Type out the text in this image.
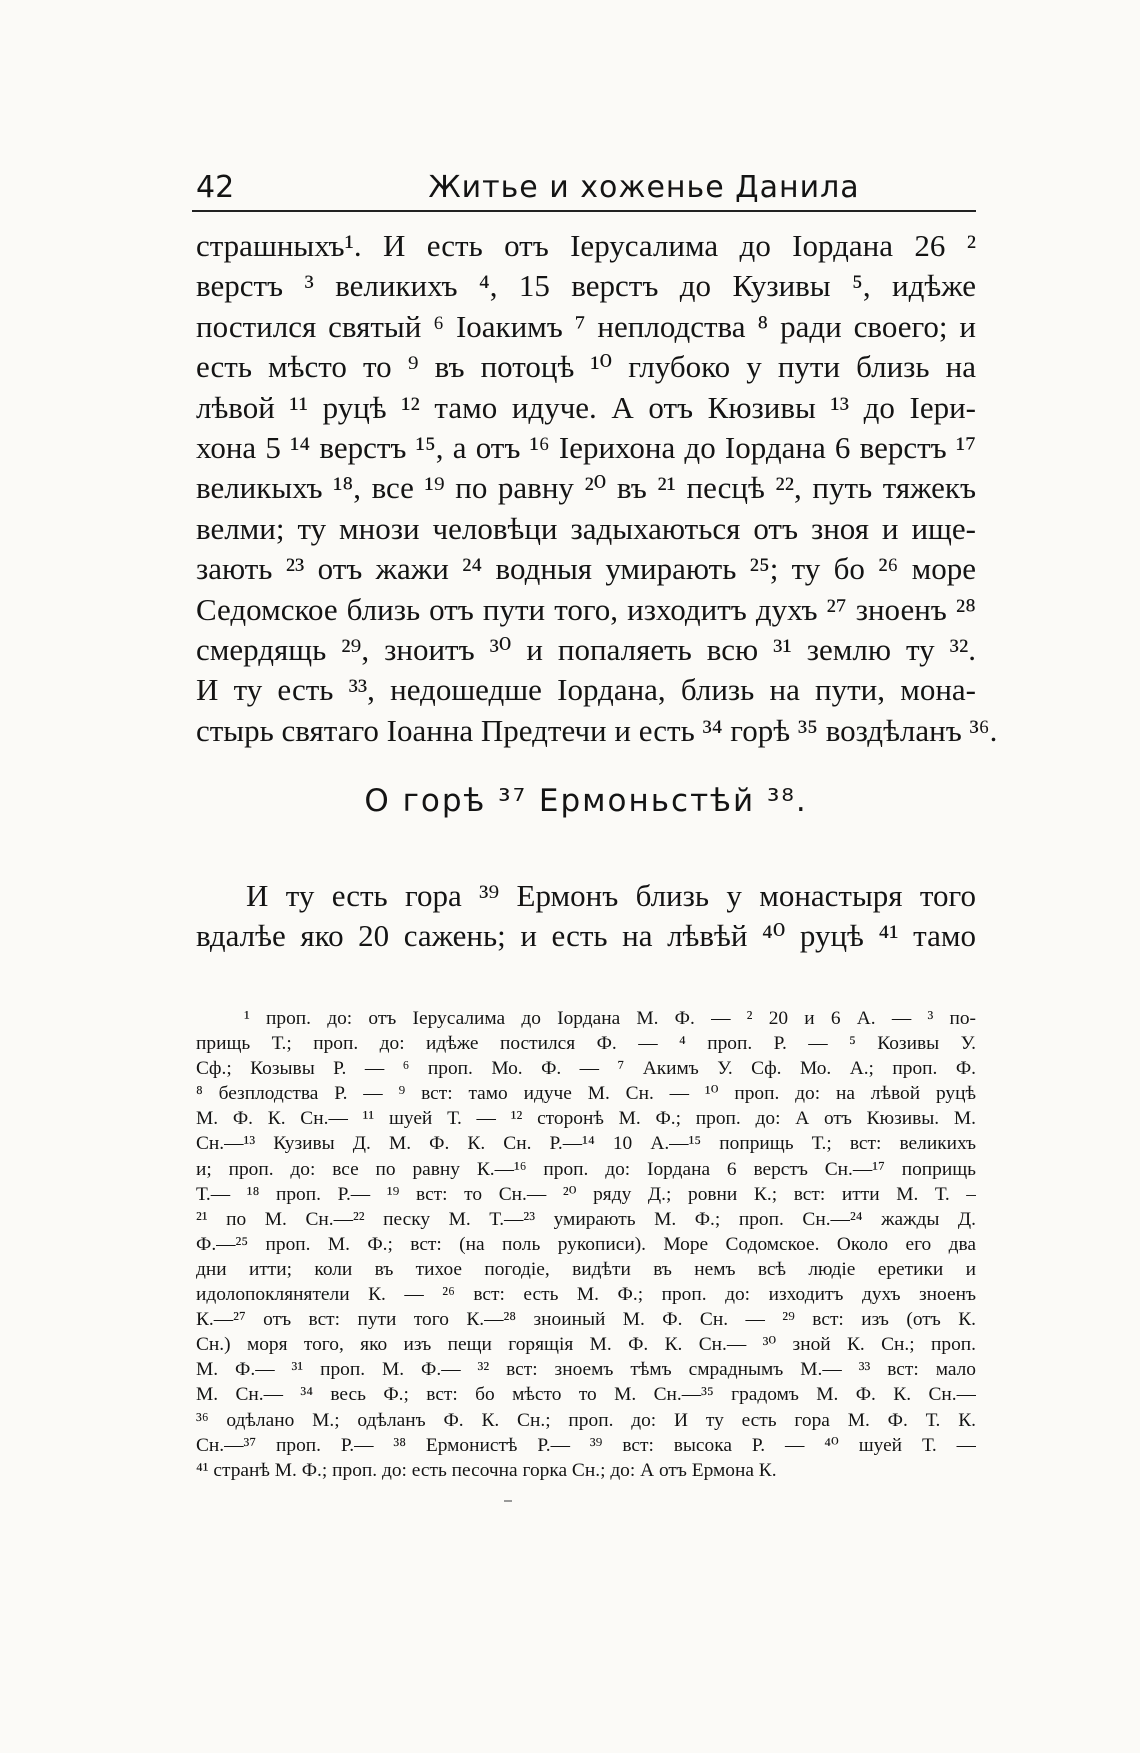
42	Житье и хоженье Данила
страшныхъ¹. И есть отъ Іерусалима до Іордана 26 ²
верстъ ³ великихъ ⁴, 15 верстъ до Кузивы ⁵, идѣже
постился святый ⁶ Іоакимъ ⁷ неплодства ⁸ ради своего; и
есть мѣсто то ⁹ въ потоцѣ ¹⁰ глубоко у пути близь на
лѣвой ¹¹ руцѣ ¹² тамо идуче. А отъ Кюзивы ¹³ до Іери-
хона 5 ¹⁴ верстъ ¹⁵, а отъ ¹⁶ Іерихона до Іордана 6 верстъ ¹⁷
великыхъ ¹⁸, все ¹⁹ по равну ²⁰ въ ²¹ песцѣ ²², путь тяжекъ
велми; ту мнози человѣци задыхаються отъ зноя и ище-
зають ²³ отъ жажи ²⁴ водныя умирають ²⁵; ту бо ²⁶ море
Седомское близь отъ пути того, изходитъ духъ ²⁷ зноенъ ²⁸
смердящь ²⁹, зноитъ ³⁰ и попаляеть всю ³¹ землю ту ³².
И ту есть ³³, недошедше Іордана, близь на пути, мона-
стырь святаго Іоанна Предтечи и есть ³⁴ горѣ ³⁵ воздѣланъ ³⁶.
О горѣ ³⁷ Ермоньстѣй ³⁸.
И ту есть гора ³⁹ Ермонъ близь у монастыря того
вдалѣе яко 20 сажень; и есть на лѣвѣй ⁴⁰ руцѣ ⁴¹ тамо
¹ проп. до: отъ Іерусалима до Іордана М. Ф. — ² 20 и 6 А. — ³ по-
прищь Т.; проп. до: идѣже постился Ф. — ⁴ проп. Р. — ⁵ Козивы У.
Сф.; Козывы Р. — ⁶ проп. Мо. Ф. — ⁷ Акимъ У. Сф. Мо. А.; проп. Ф.
⁸ безплодства Р. — ⁹ вст: тамо идуче М. Сн. — ¹⁰ проп. до: на лѣвой руцѣ
М. Ф. К. Сн.— ¹¹ шуей Т. — ¹² сторонѣ М. Ф.; проп. до: А отъ Кюзивы. М.
Сн.—¹³ Кузивы Д. М. Ф. К. Сн. Р.—¹⁴ 10 А.—¹⁵ поприщь Т.; вст: великихъ
и; проп. до: все по равну К.—¹⁶ проп. до: Іордана 6 верстъ Сн.—¹⁷ поприщь
Т.— ¹⁸ проп. Р.— ¹⁹ вст: то Сн.— ²⁰ ряду Д.; ровни К.; вст: итти М. Т. –
²¹ по М. Сн.—²² песку М. Т.—²³ умирають М. Ф.; проп. Сн.—²⁴ жажды Д.
Ф.—²⁵ проп. М. Ф.; вст: (на поль рукописи). Море Содомское. Около его два
дни итти; коли въ тихое погодіе, видѣти въ немъ всѣ людіе еретики и
идолопоклянятели К. — ²⁶ вст: есть М. Ф.; проп. до: изходитъ духъ зноенъ
К.—²⁷ отъ вст: пути того К.—²⁸ зноиный М. Ф. Сн. — ²⁹ вст: изъ (отъ К.
Сн.) моря того, яко изъ пещи горящія М. Ф. К. Сн.— ³⁰ зной К. Сн.; проп.
М. Ф.— ³¹ проп. М. Ф.— ³² вст: зноемъ тѣмъ смраднымъ М.— ³³ вст: мало
М. Сн.— ³⁴ весь Ф.; вст: бо мѣсто то М. Сн.—³⁵ градомъ М. Ф. К. Сн.—
³⁶ одѣлано М.; одѣланъ Ф. К. Сн.; проп. до: И ту есть гора М. Ф. Т. К.
Сн.—³⁷ проп. Р.— ³⁸ Ермонистѣ Р.— ³⁹ вст: высока Р. — ⁴⁰ шуей Т. —
⁴¹ странѣ М. Ф.; проп. до: есть песочна горка Сн.; до: А отъ Ермона К.
